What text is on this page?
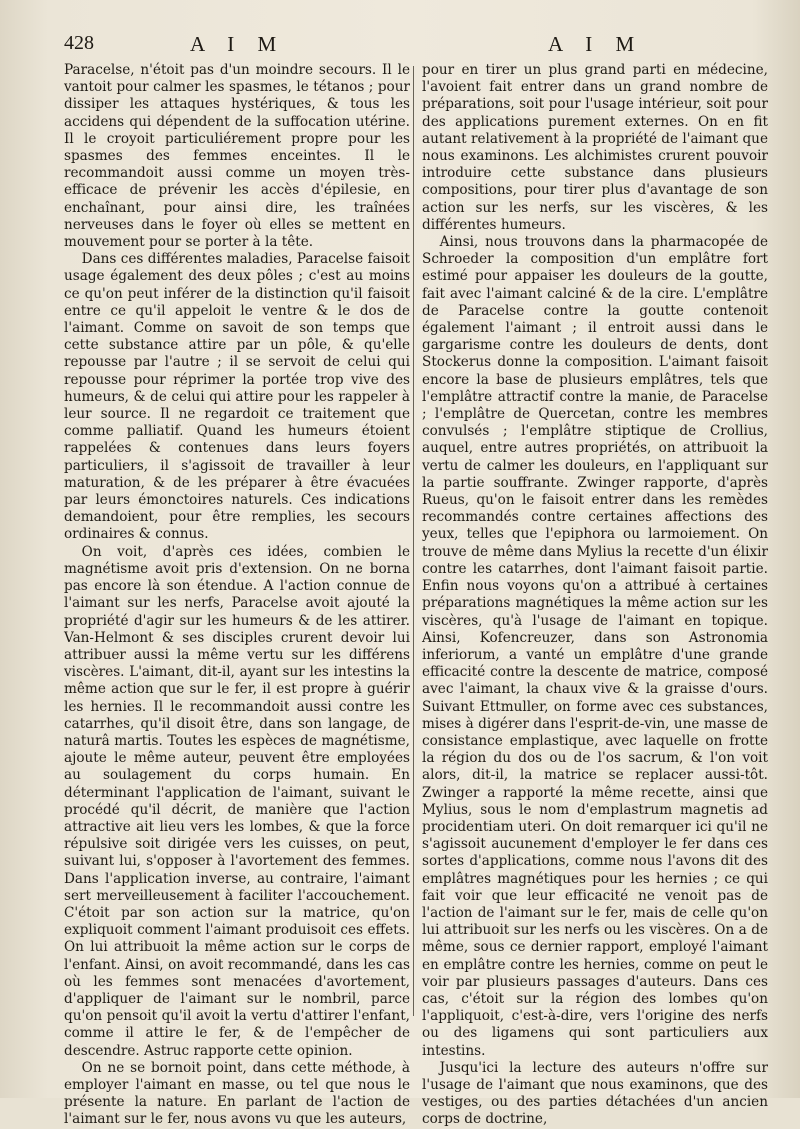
428	A I M	A I M

Paracelse, n'étoit pas d'un moindre secours. Il le vantoit pour calmer les spasmes, le tétanos ; pour dissiper les attaques hystériques, & tous les accidens qui dépendent de la suffocation utérine. Il le croyoit particuliérement propre pour les spasmes des femmes enceintes. Il le recommandoit aussi comme un moyen très-efficace de prévenir les accès d'épilesie, en enchaînant, pour ainsi dire, les traînées nerveuses dans le foyer où elles se mettent en mouvement pour se porter à la tête.

Dans ces différentes maladies, Paracelse faisoit usage également des deux pôles ; c'est au moins ce qu'on peut inférer de la distinction qu'il faisoit entre ce qu'il appeloit le ventre & le dos de l'aimant. Comme on savoit de son temps que cette substance attire par un pôle, & qu'elle repousse par l'autre ; il se servoit de celui qui repousse pour réprimer la portée trop vive des humeurs, & de celui qui attire pour les rappeler à leur source. Il ne regardoit ce traitement que comme palliatif. Quand les humeurs étoient rappelées & contenues dans leurs foyers particuliers, il s'agissoit de travailler à leur maturation, & de les préparer à être évacuées par leurs émonctoires naturels. Ces indications demandoient, pour être remplies, les secours ordinaires & connus.

On voit, d'après ces idées, combien le magnétisme avoit pris d'extension. On ne borna pas encore là son étendue. A l'action connue de l'aimant sur les nerfs, Paracelse avoit ajouté la propriété d'agir sur les humeurs & de les attirer. Van-Helmont & ses disciples crurent devoir lui attribuer aussi la même vertu sur les différens viscères. L'aimant, dit-il, ayant sur les intestins la même action que sur le fer, il est propre à guérir les hernies. Il le recommandoit aussi contre les catarrhes, qu'il disoit être, dans son langage, de naturâ martis. Toutes les espèces de magnétisme, ajoute le même auteur, peuvent être employées au soulagement du corps humain. En déterminant l'application de l'aimant, suivant le procédé qu'il décrit, de manière que l'action attractive ait lieu vers les lombes, & que la force répulsive soit dirigée vers les cuisses, on peut, suivant lui, s'opposer à l'avortement des femmes. Dans l'application inverse, au contraire, l'aimant sert merveilleusement à faciliter l'accouchement. C'étoit par son action sur la matrice, qu'on expliquoit comment l'aimant produisoit ces effets. On lui attribuoit la même action sur le corps de l'enfant. Ainsi, on avoit recommandé, dans les cas où les femmes sont menacées d'avortement, d'appliquer de l'aimant sur le nombril, parce qu'on pensoit qu'il avoit la vertu d'attirer l'enfant, comme il attire le fer, & de l'empêcher de descendre. Astruc rapporte cette opinion.

On ne se bornoit point, dans cette méthode, à employer l'aimant en masse, ou tel que nous le présente la nature. En parlant de l'action de l'aimant sur le fer, nous avons vu que les auteurs,

pour en tirer un plus grand parti en médecine, l'avoient fait entrer dans un grand nombre de préparations, soit pour l'usage intérieur, soit pour des applications purement externes. On en fit autant relativement à la propriété de l'aimant que nous examinons. Les alchimistes crurent pouvoir introduire cette substance dans plusieurs compositions, pour tirer plus d'avantage de son action sur les nerfs, sur les viscères, & les différentes humeurs.

Ainsi, nous trouvons dans la pharmacopée de Schroeder la composition d'un emplâtre fort estimé pour appaiser les douleurs de la goutte, fait avec l'aimant calciné & de la cire. L'emplâtre de Paracelse contre la goutte contenoit également l'aimant ; il entroit aussi dans le gargarisme contre les douleurs de dents, dont Stockerus donne la composition. L'aimant faisoit encore la base de plusieurs emplâtres, tels que l'emplâtre attractif contre la manie, de Paracelse ; l'emplâtre de Quercetan, contre les membres convulsés ; l'emplâtre stiptique de Crollius, auquel, entre autres propriétés, on attribuoit la vertu de calmer les douleurs, en l'appliquant sur la partie souffrante. Zwinger rapporte, d'après Rueus, qu'on le faisoit entrer dans les remèdes recommandés contre certaines affections des yeux, telles que l'epiphora ou larmoiement. On trouve de même dans Mylius la recette d'un élixir contre les catarrhes, dont l'aimant faisoit partie. Enfin nous voyons qu'on a attribué à certaines préparations magnétiques la même action sur les viscères, qu'à l'usage de l'aimant en topique. Ainsi, Kofencreuzer, dans son Astronomia inferiorum, a vanté un emplâtre d'une grande efficacité contre la descente de matrice, composé avec l'aimant, la chaux vive & la graisse d'ours. Suivant Ettmuller, on forme avec ces substances, mises à digérer dans l'esprit-de-vin, une masse de consistance emplastique, avec laquelle on frotte la région du dos ou de l'os sacrum, & l'on voit alors, dit-il, la matrice se replacer aussi-tôt. Zwinger a rapporté la même recette, ainsi que Mylius, sous le nom d'emplastrum magnetis ad procidentiam uteri. On doit remarquer ici qu'il ne s'agissoit aucunement d'employer le fer dans ces sortes d'applications, comme nous l'avons dit des emplâtres magnétiques pour les hernies ; ce qui fait voir que leur efficacité ne venoit pas de l'action de l'aimant sur le fer, mais de celle qu'on lui attribuoit sur les nerfs ou les viscères. On a de même, sous ce dernier rapport, employé l'aimant en emplâtre contre les hernies, comme on peut le voir par plusieurs passages d'auteurs. Dans ces cas, c'étoit sur la région des lombes qu'on l'appliquoit, c'est-à-dire, vers l'origine des nerfs ou des ligamens qui sont particuliers aux intestins.

Jusqu'ici la lecture des auteurs n'offre sur l'usage de l'aimant que nous examinons, que des vestiges, ou des parties détachées d'un ancien corps de doctrine,
